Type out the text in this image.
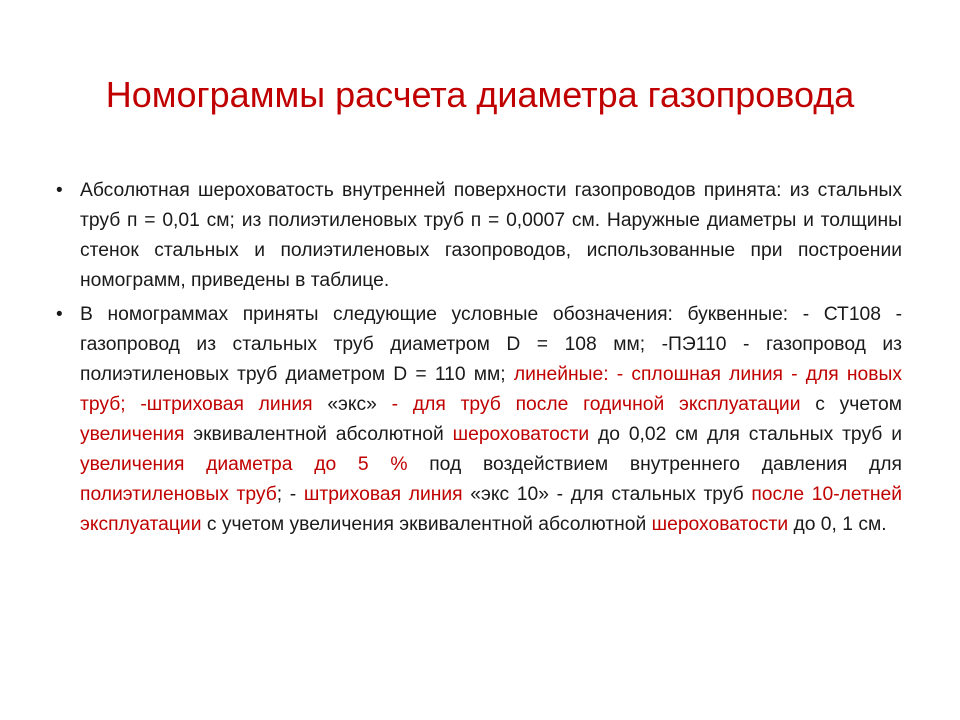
Номограммы расчета диаметра газопровода
• Абсолютная шероховатость внутренней поверхности газопроводов принята: из стальных труб п = 0,01 см; из полиэтиленовых труб п = 0,0007 см. Наружные диаметры и толщины стенок стальных и полиэтиленовых газопроводов, использованные при построении номограмм, приведены в таблице.
• В номограммах приняты следующие условные обозначения: буквенные: - СТ108 - газопровод из стальных труб диаметром D = 108 мм; -ПЭ110 - газопровод из полиэтиленовых труб диаметром D = 110 мм; линейные: - сплошная линия - для новых труб; -штриховая линия «экс» - для труб после годичной эксплуатации с учетом увеличения эквивалентной абсолютной шероховатости до 0,02 см для стальных труб и увеличения диаметра до 5 % под воздействием внутреннего давления для полиэтиленовых труб; - штриховая линия «экс 10» - для стальных труб после 10-летней эксплуатации с учетом увеличения эквивалентной абсолютной шероховатости до 0, 1 см.
